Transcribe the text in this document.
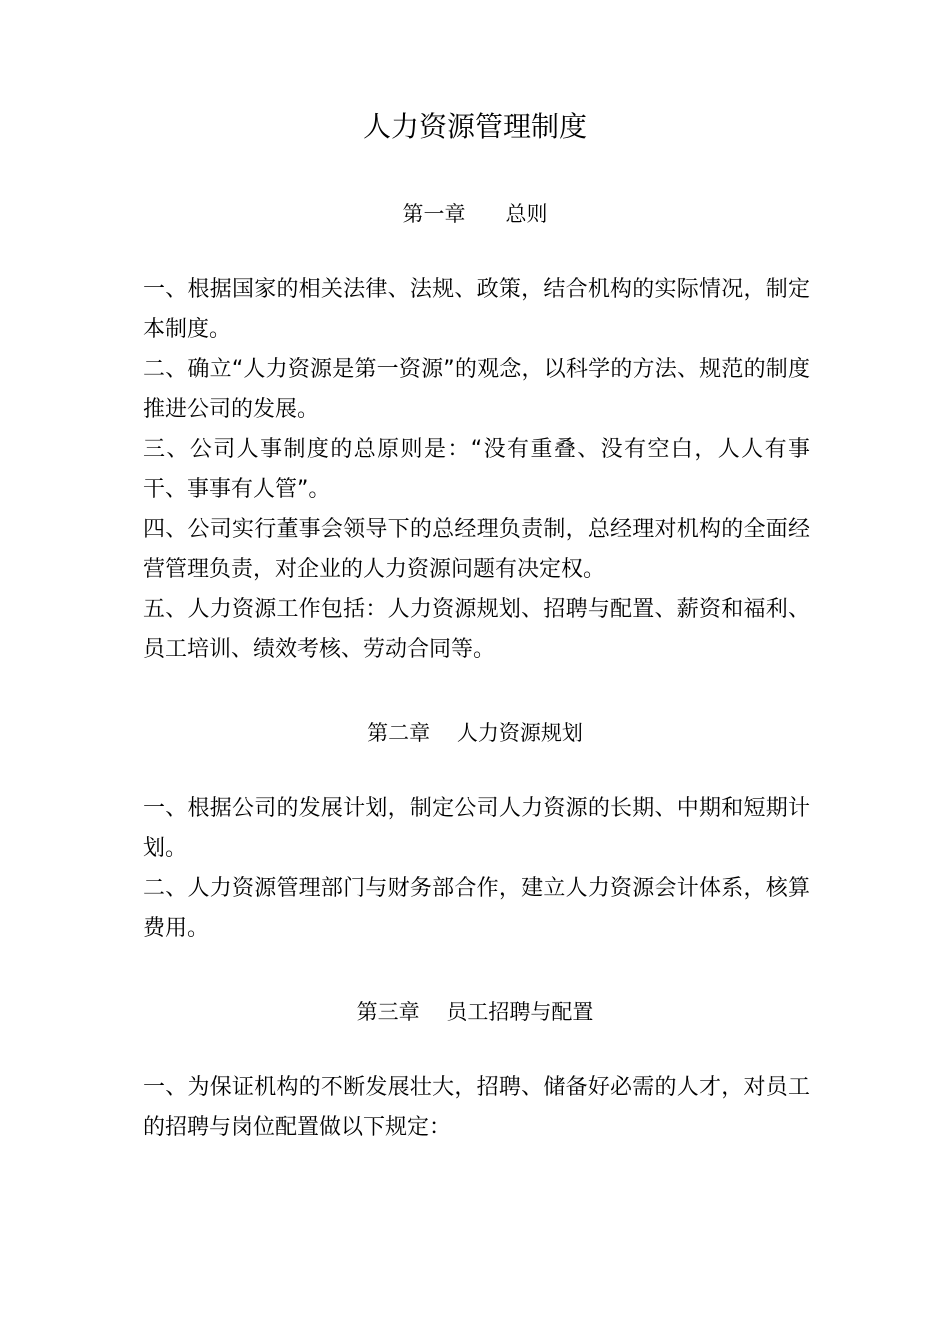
人力资源管理制度
第一章      总则

一、根据国家的相关法律、法规、政策，结合机构的实际情况，制定本制度。

二、确立“人力资源是第一资源”的观念，以科学的方法、规范的制度推进公司的发展。

三、公司人事制度的总原则是：“没有重叠、没有空白，人人有事干、事事有人管”。

四、公司实行董事会领导下的总经理负责制，总经理对机构的全面经营管理负责，对企业的人力资源问题有决定权。

五、人力资源工作包括：人力资源规划、招聘与配置、薪资和福利、员工培训、绩效考核、劳动合同等。

第二章    人力资源规划

一、根据公司的发展计划，制定公司人力资源的长期、中期和短期计划。

二、人力资源管理部门与财务部合作，建立人力资源会计体系，核算费用。

第三章    员工招聘与配置

一、为保证机构的不断发展壮大，招聘、储备好必需的人才，对员工的招聘与岗位配置做以下规定：
